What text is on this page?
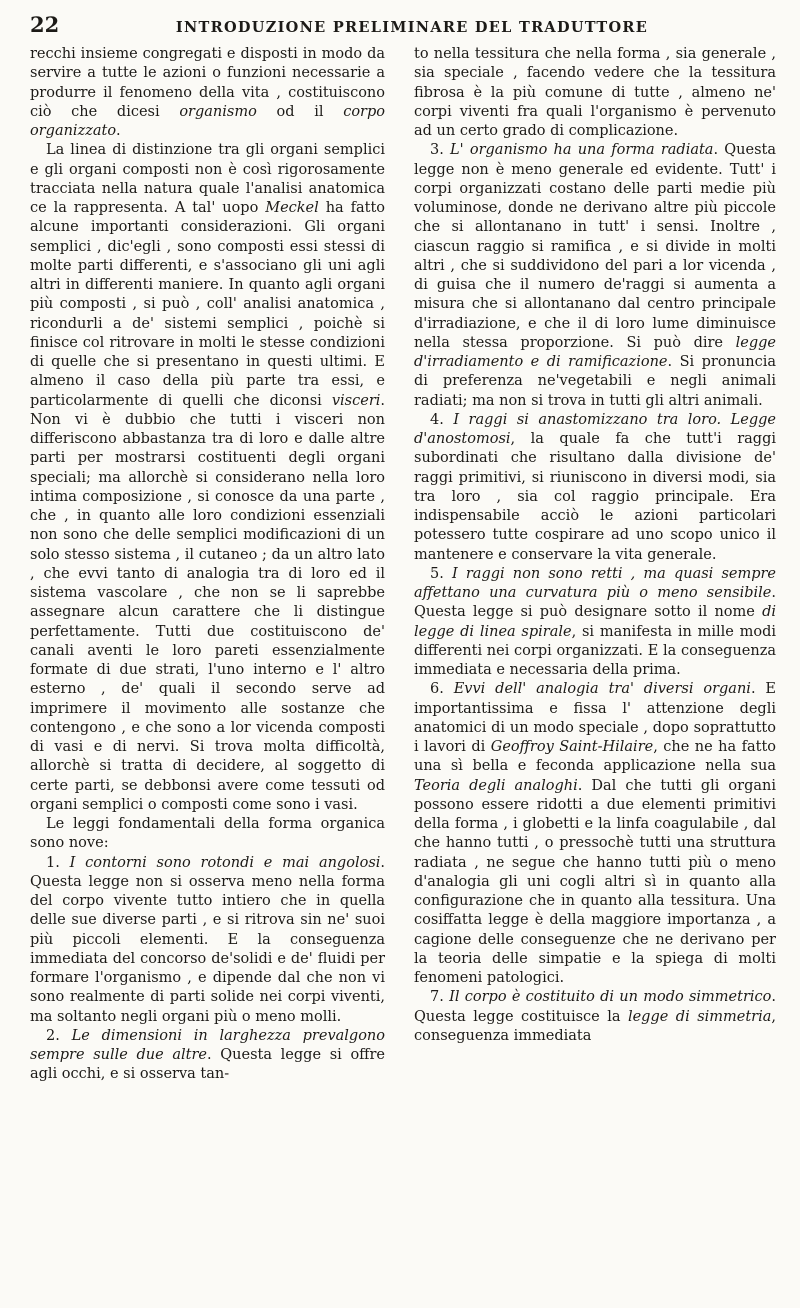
22	INTRODUZIONE PRELIMINARE DEL TRADUTTORE

recchi insieme congregati e disposti in modo da servire a tutte le azioni o funzioni necessarie a produrre il fenomeno della vita , costituiscono ciò che dicesi organismo od il corpo organizzato.

La linea di distinzione tra gli organi semplici e gli organi composti non è così rigorosamente tracciata nella natura quale l'analisi anatomica ce la rappresenta. A tal' uopo Meckel ha fatto alcune importanti considerazioni. Gli organi semplici , dic'egli , sono composti essi stessi di molte parti differenti, e s'associano gli uni agli altri in differenti maniere. In quanto agli organi più composti , si può , coll' analisi anatomica , ricondurli a de' sistemi semplici , poichè si finisce col ritrovare in molti le stesse condizioni di quelle che si presentano in questi ultimi. E almeno il caso della più parte tra essi, e particolarmente di quelli che diconsi visceri. Non vi è dubbio che tutti i visceri non differiscono abbastanza tra di loro e dalle altre parti per mostrarsi costituenti degli organi speciali; ma allorchè si considerano nella loro intima composizione , si conosce da una parte , che , in quanto alle loro condizioni essenziali non sono che delle semplici modificazioni di un solo stesso sistema , il cutaneo ; da un altro lato , che evvi tanto di analogia tra di loro ed il sistema vascolare , che non se li saprebbe assegnare alcun carattere che li distingue perfettamente. Tutti due costituiscono de' canali aventi le loro pareti essenzialmente formate di due strati, l'uno interno e l' altro esterno , de' quali il secondo serve ad imprimere il movimento alle sostanze che contengono , e che sono a lor vicenda composti di vasi e di nervi. Si trova molta difficoltà, allorchè si tratta di decidere, al soggetto di certe parti, se debbonsi avere come tessuti od organi semplici o composti come sono i vasi.

Le leggi fondamentali della forma organica sono nove:

1. I contorni sono rotondi e mai angolosi. Questa legge non si osserva meno nella forma del corpo vivente tutto intiero che in quella delle sue diverse parti , e si ritrova sin ne' suoi più piccoli elementi. E la conseguenza immediata del concorso de'solidi e de' fluidi per formare l'organismo , e dipende dal che non vi sono realmente di parti solide nei corpi viventi, ma soltanto negli organi più o meno molli.

2. Le dimensioni in larghezza prevalgono sempre sulle due altre. Questa legge si offre agli occhi, e si osserva tan-

to nella tessitura che nella forma , sia generale , sia speciale , facendo vedere che la tessitura fibrosa è la più comune di tutte , almeno ne' corpi viventi fra quali l'organismo è pervenuto ad un certo grado di complicazione.

3. L' organismo ha una forma radiata. Questa legge non è meno generale ed evidente. Tutt' i corpi organizzati costano delle parti medie più voluminose, donde ne derivano altre più piccole che si allontanano in tutt' i sensi. Inoltre , ciascun raggio si ramifica , e si divide in molti altri , che si suddividono del pari a lor vicenda , di guisa che il numero de'raggi si aumenta a misura che si allontanano dal centro principale d'irradiazione, e che il di loro lume diminuisce nella stessa proporzione. Si può dire legge d'irradiamento e di ramificazione. Si pronuncia di preferenza ne'vegetabili e negli animali radiati; ma non si trova in tutti gli altri animali.

4. I raggi si anastomizzano tra loro. Legge d'anostomosi, la quale fa che tutt'i raggi subordinati che risultano dalla divisione de' raggi primitivi, si riuniscono in diversi modi, sia tra loro , sia col raggio principale. Era indispensabile acciò le azioni particolari potessero tutte cospirare ad uno scopo unico il mantenere e conservare la vita generale.

5. I raggi non sono retti , ma quasi sempre affettano una curvatura più o meno sensibile. Questa legge si può designare sotto il nome di legge di linea spirale, si manifesta in mille modi differenti nei corpi organizzati. E la conseguenza immediata e necessaria della prima.

6. Evvi dell' analogia tra' diversi organi. E importantissima e fissa l' attenzione degli anatomici di un modo speciale , dopo soprattutto i lavori di Geoffroy Saint-Hilaire, che ne ha fatto una sì bella e feconda applicazione nella sua Teoria degli analoghi. Dal che tutti gli organi possono essere ridotti a due elementi primitivi della forma , i globetti e la linfa coagulabile , dal che hanno tutti , o pressochè tutti una struttura radiata , ne segue che hanno tutti più o meno d'analogia gli uni cogli altri sì in quanto alla configurazione che in quanto alla tessitura. Una cosiffatta legge è della maggiore importanza , a cagione delle conseguenze che ne derivano per la teoria delle simpatie e la spiega di molti fenomeni patologici.

7. Il corpo è costituito di un modo simmetrico. Questa legge costituisce la legge di simmetria, conseguenza immediata
